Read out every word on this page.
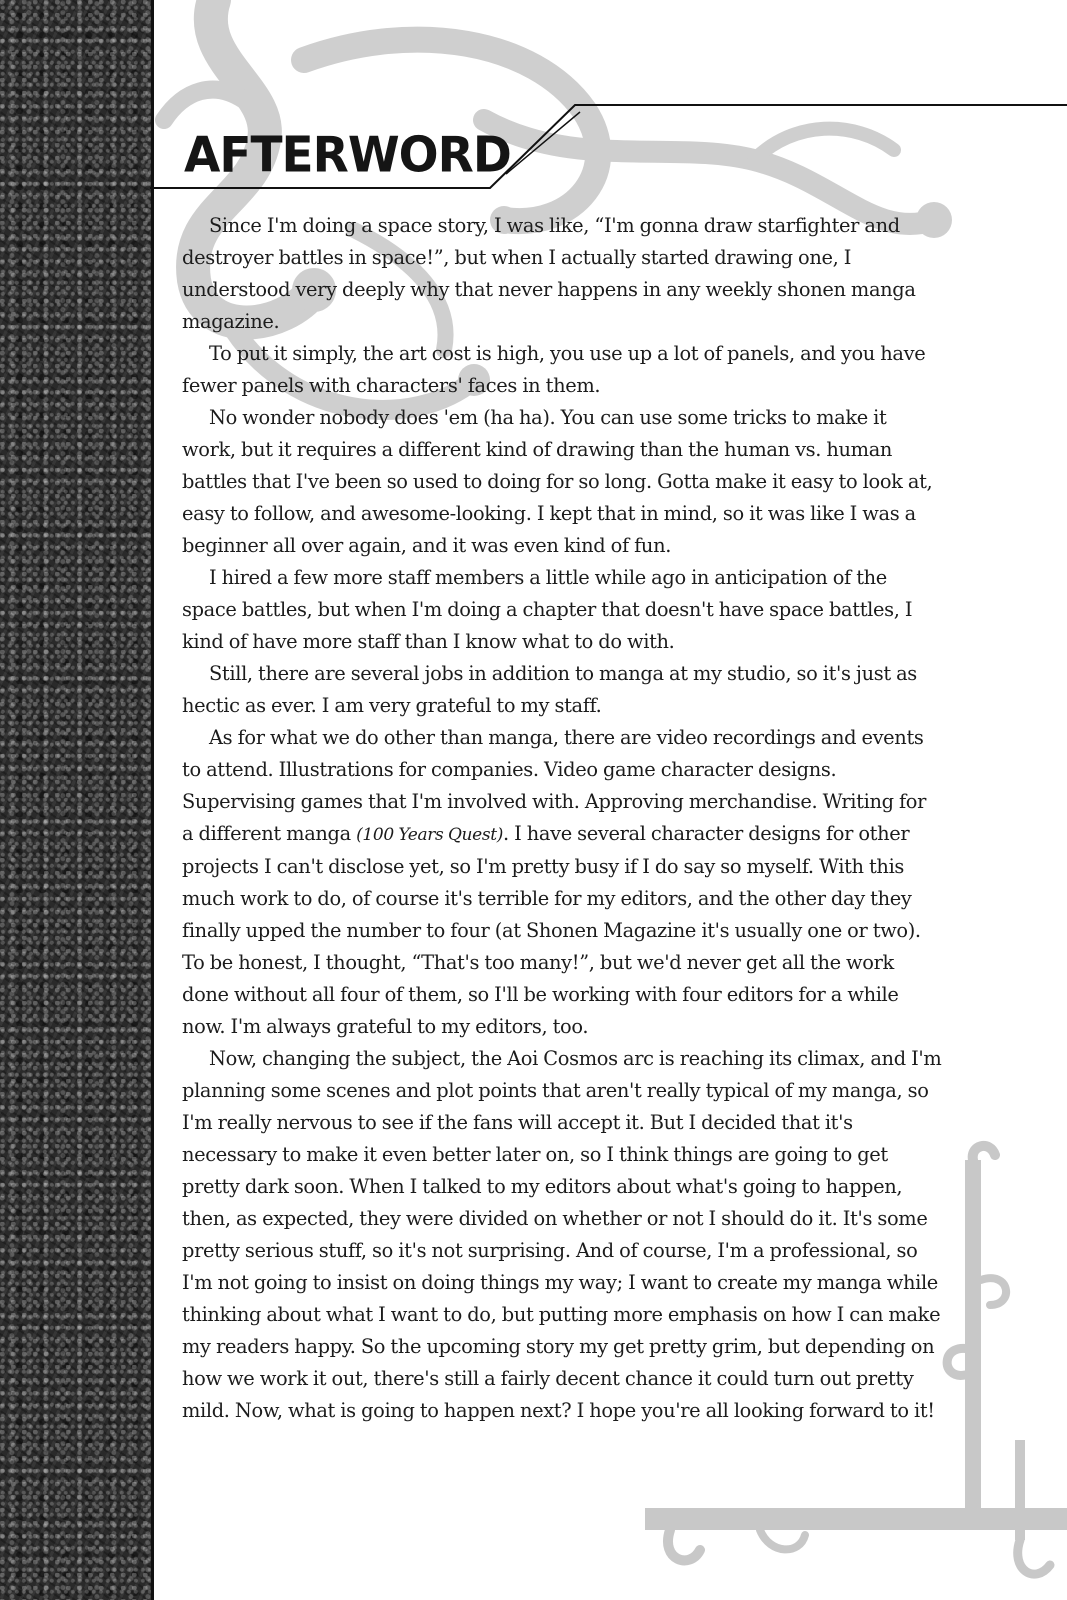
AFTERWORD

Since I'm doing a space story, I was like, “I'm gonna draw starfighter and destroyer battles in space!”, but when I actually started drawing one, I understood very deeply why that never happens in any weekly shonen manga magazine.

To put it simply, the art cost is high, you use up a lot of panels, and you have fewer panels with characters' faces in them.

No wonder nobody does 'em (ha ha). You can use some tricks to make it work, but it requires a different kind of drawing than the human vs. human battles that I've been so used to doing for so long. Gotta make it easy to look at, easy to follow, and awesome-looking. I kept that in mind, so it was like I was a beginner all over again, and it was even kind of fun.

I hired a few more staff members a little while ago in anticipation of the space battles, but when I'm doing a chapter that doesn't have space battles, I kind of have more staff than I know what to do with.

Still, there are several jobs in addition to manga at my studio, so it's just as hectic as ever. I am very grateful to my staff.

As for what we do other than manga, there are video recordings and events to attend. Illustrations for companies. Video game character designs. Supervising games that I'm involved with. Approving merchandise. Writing for a different manga (100 Years Quest). I have several character designs for other projects I can't disclose yet, so I'm pretty busy if I do say so myself. With this much work to do, of course it's terrible for my editors, and the other day they finally upped the number to four (at Shonen Magazine it's usually one or two). To be honest, I thought, “That's too many!”, but we'd never get all the work done without all four of them, so I'll be working with four editors for a while now. I'm always grateful to my editors, too.

Now, changing the subject, the Aoi Cosmos arc is reaching its climax, and I'm planning some scenes and plot points that aren't really typical of my manga, so I'm really nervous to see if the fans will accept it. But I decided that it's necessary to make it even better later on, so I think things are going to get pretty dark soon. When I talked to my editors about what's going to happen, then, as expected, they were divided on whether or not I should do it. It's some pretty serious stuff, so it's not surprising. And of course, I'm a professional, so I'm not going to insist on doing things my way; I want to create my manga while thinking about what I want to do, but putting more emphasis on how I can make my readers happy. So the upcoming story my get pretty grim, but depending on how we work it out, there's still a fairly decent chance it could turn out pretty mild. Now, what is going to happen next? I hope you're all looking forward to it!
